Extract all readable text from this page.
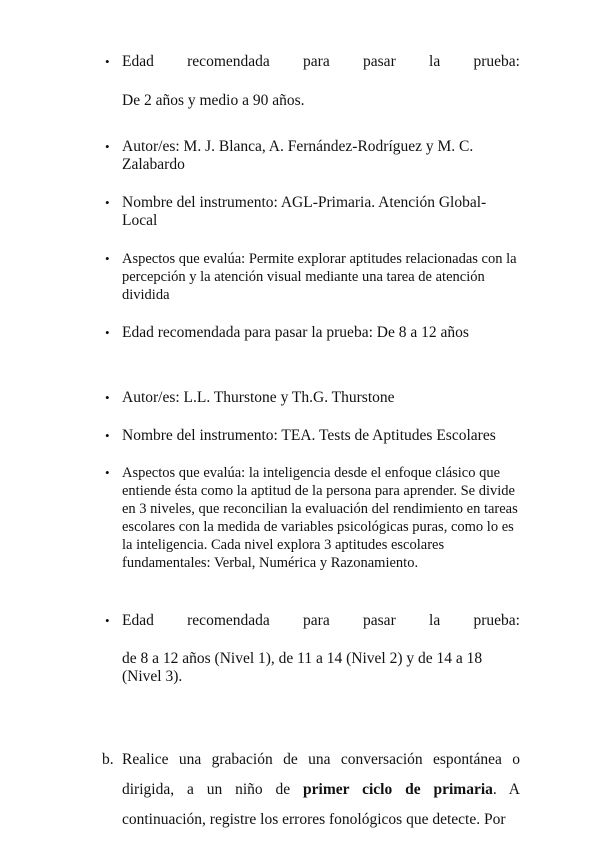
• Edad recomendada para pasar la prueba:
De 2 años y medio a 90 años.
• Autor/es: M. J. Blanca, A. Fernández-Rodríguez y M. C. Zalabardo
• Nombre del instrumento: AGL-Primaria. Atención Global-Local
• Aspectos que evalúa: Permite explorar aptitudes relacionadas con la percepción y la atención visual mediante una tarea de atención dividida
• Edad recomendada para pasar la prueba: De 8 a 12 años
• Autor/es: L.L. Thurstone y Th.G. Thurstone
• Nombre del instrumento: TEA. Tests de Aptitudes Escolares
• Aspectos que evalúa: la inteligencia desde el enfoque clásico que entiende ésta como la aptitud de la persona para aprender. Se divide en 3 niveles, que reconcilian la evaluación del rendimiento en tareas escolares con la medida de variables psicológicas puras, como lo es la inteligencia. Cada nivel explora 3 aptitudes escolares fundamentales: Verbal, Numérica y Razonamiento.
• Edad recomendada para pasar la prueba:
de 8 a 12 años (Nivel 1), de 11 a 14 (Nivel 2) y de 14 a 18 (Nivel 3).
b. Realice una grabación de una conversación espontánea o dirigida, a un niño de primer ciclo de primaria. A continuación, registre los errores fonológicos que detecte. Por
